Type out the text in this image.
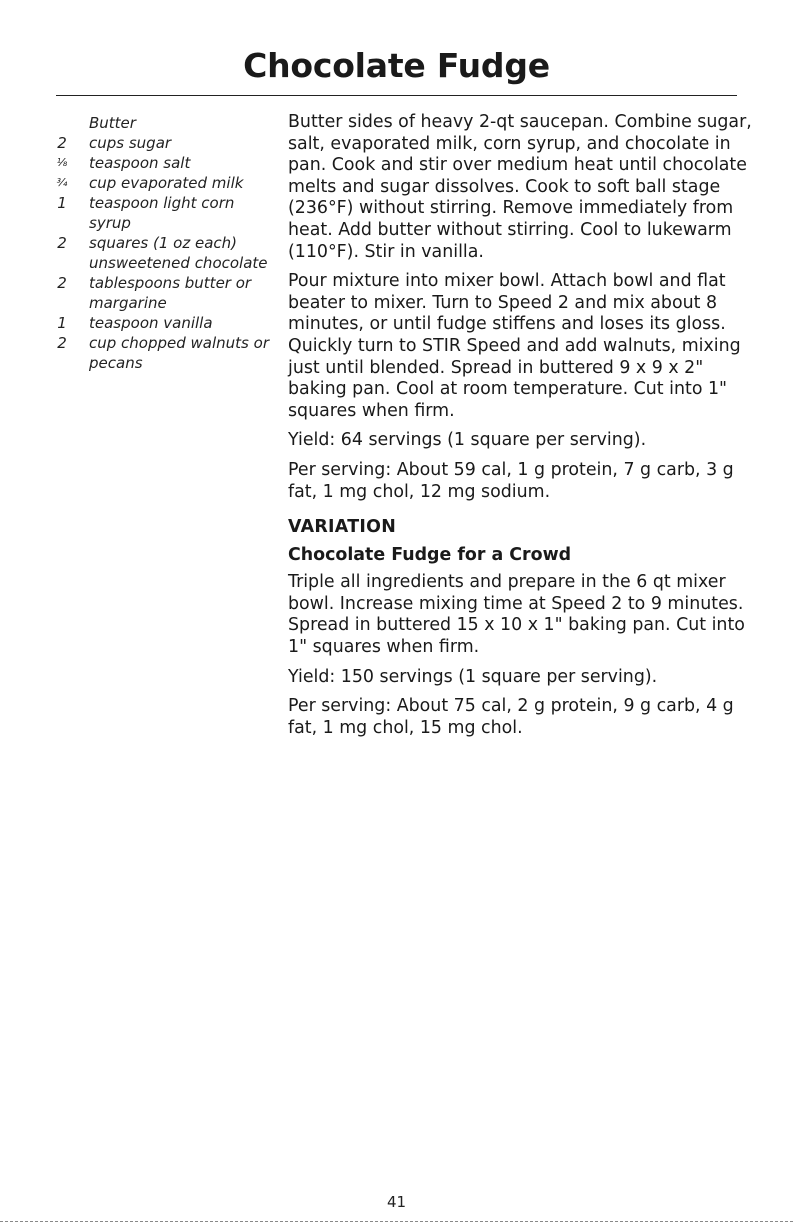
Chocolate Fudge
Butter
2	cups sugar
⅛	teaspoon salt
¾	cup evaporated milk
1	teaspoon light corn syrup
2	squares (1 oz each) unsweetened chocolate
2	tablespoons butter or margarine
1	teaspoon vanilla
2	cup chopped walnuts or pecans

Butter sides of heavy 2-qt saucepan. Combine sugar, salt, evaporated milk, corn syrup, and chocolate in pan. Cook and stir over medium heat until chocolate melts and sugar dissolves. Cook to soft ball stage (236°F) without stirring. Remove immediately from heat. Add butter without stirring. Cool to lukewarm (110°F). Stir in vanilla.

Pour mixture into mixer bowl. Attach bowl and flat beater to mixer. Turn to Speed 2 and mix about 8 minutes, or until fudge stiffens and loses its gloss. Quickly turn to STIR Speed and add walnuts, mixing just until blended. Spread in buttered 9 x 9 x 2" baking pan. Cool at room temperature. Cut into 1" squares when firm.

Yield: 64 servings (1 square per serving).

Per serving: About 59 cal, 1 g protein, 7 g carb, 3 g fat, 1 mg chol, 12 mg sodium.

VARIATION

Chocolate Fudge for a Crowd

Triple all ingredients and prepare in the 6 qt mixer bowl. Increase mixing time at Speed 2 to 9 minutes. Spread in buttered 15 x 10 x 1" baking pan. Cut into 1" squares when firm.

Yield: 150 servings (1 square per serving).

Per serving: About 75 cal, 2 g protein, 9 g carb, 4 g fat, 1 mg chol, 15 mg chol.

41
